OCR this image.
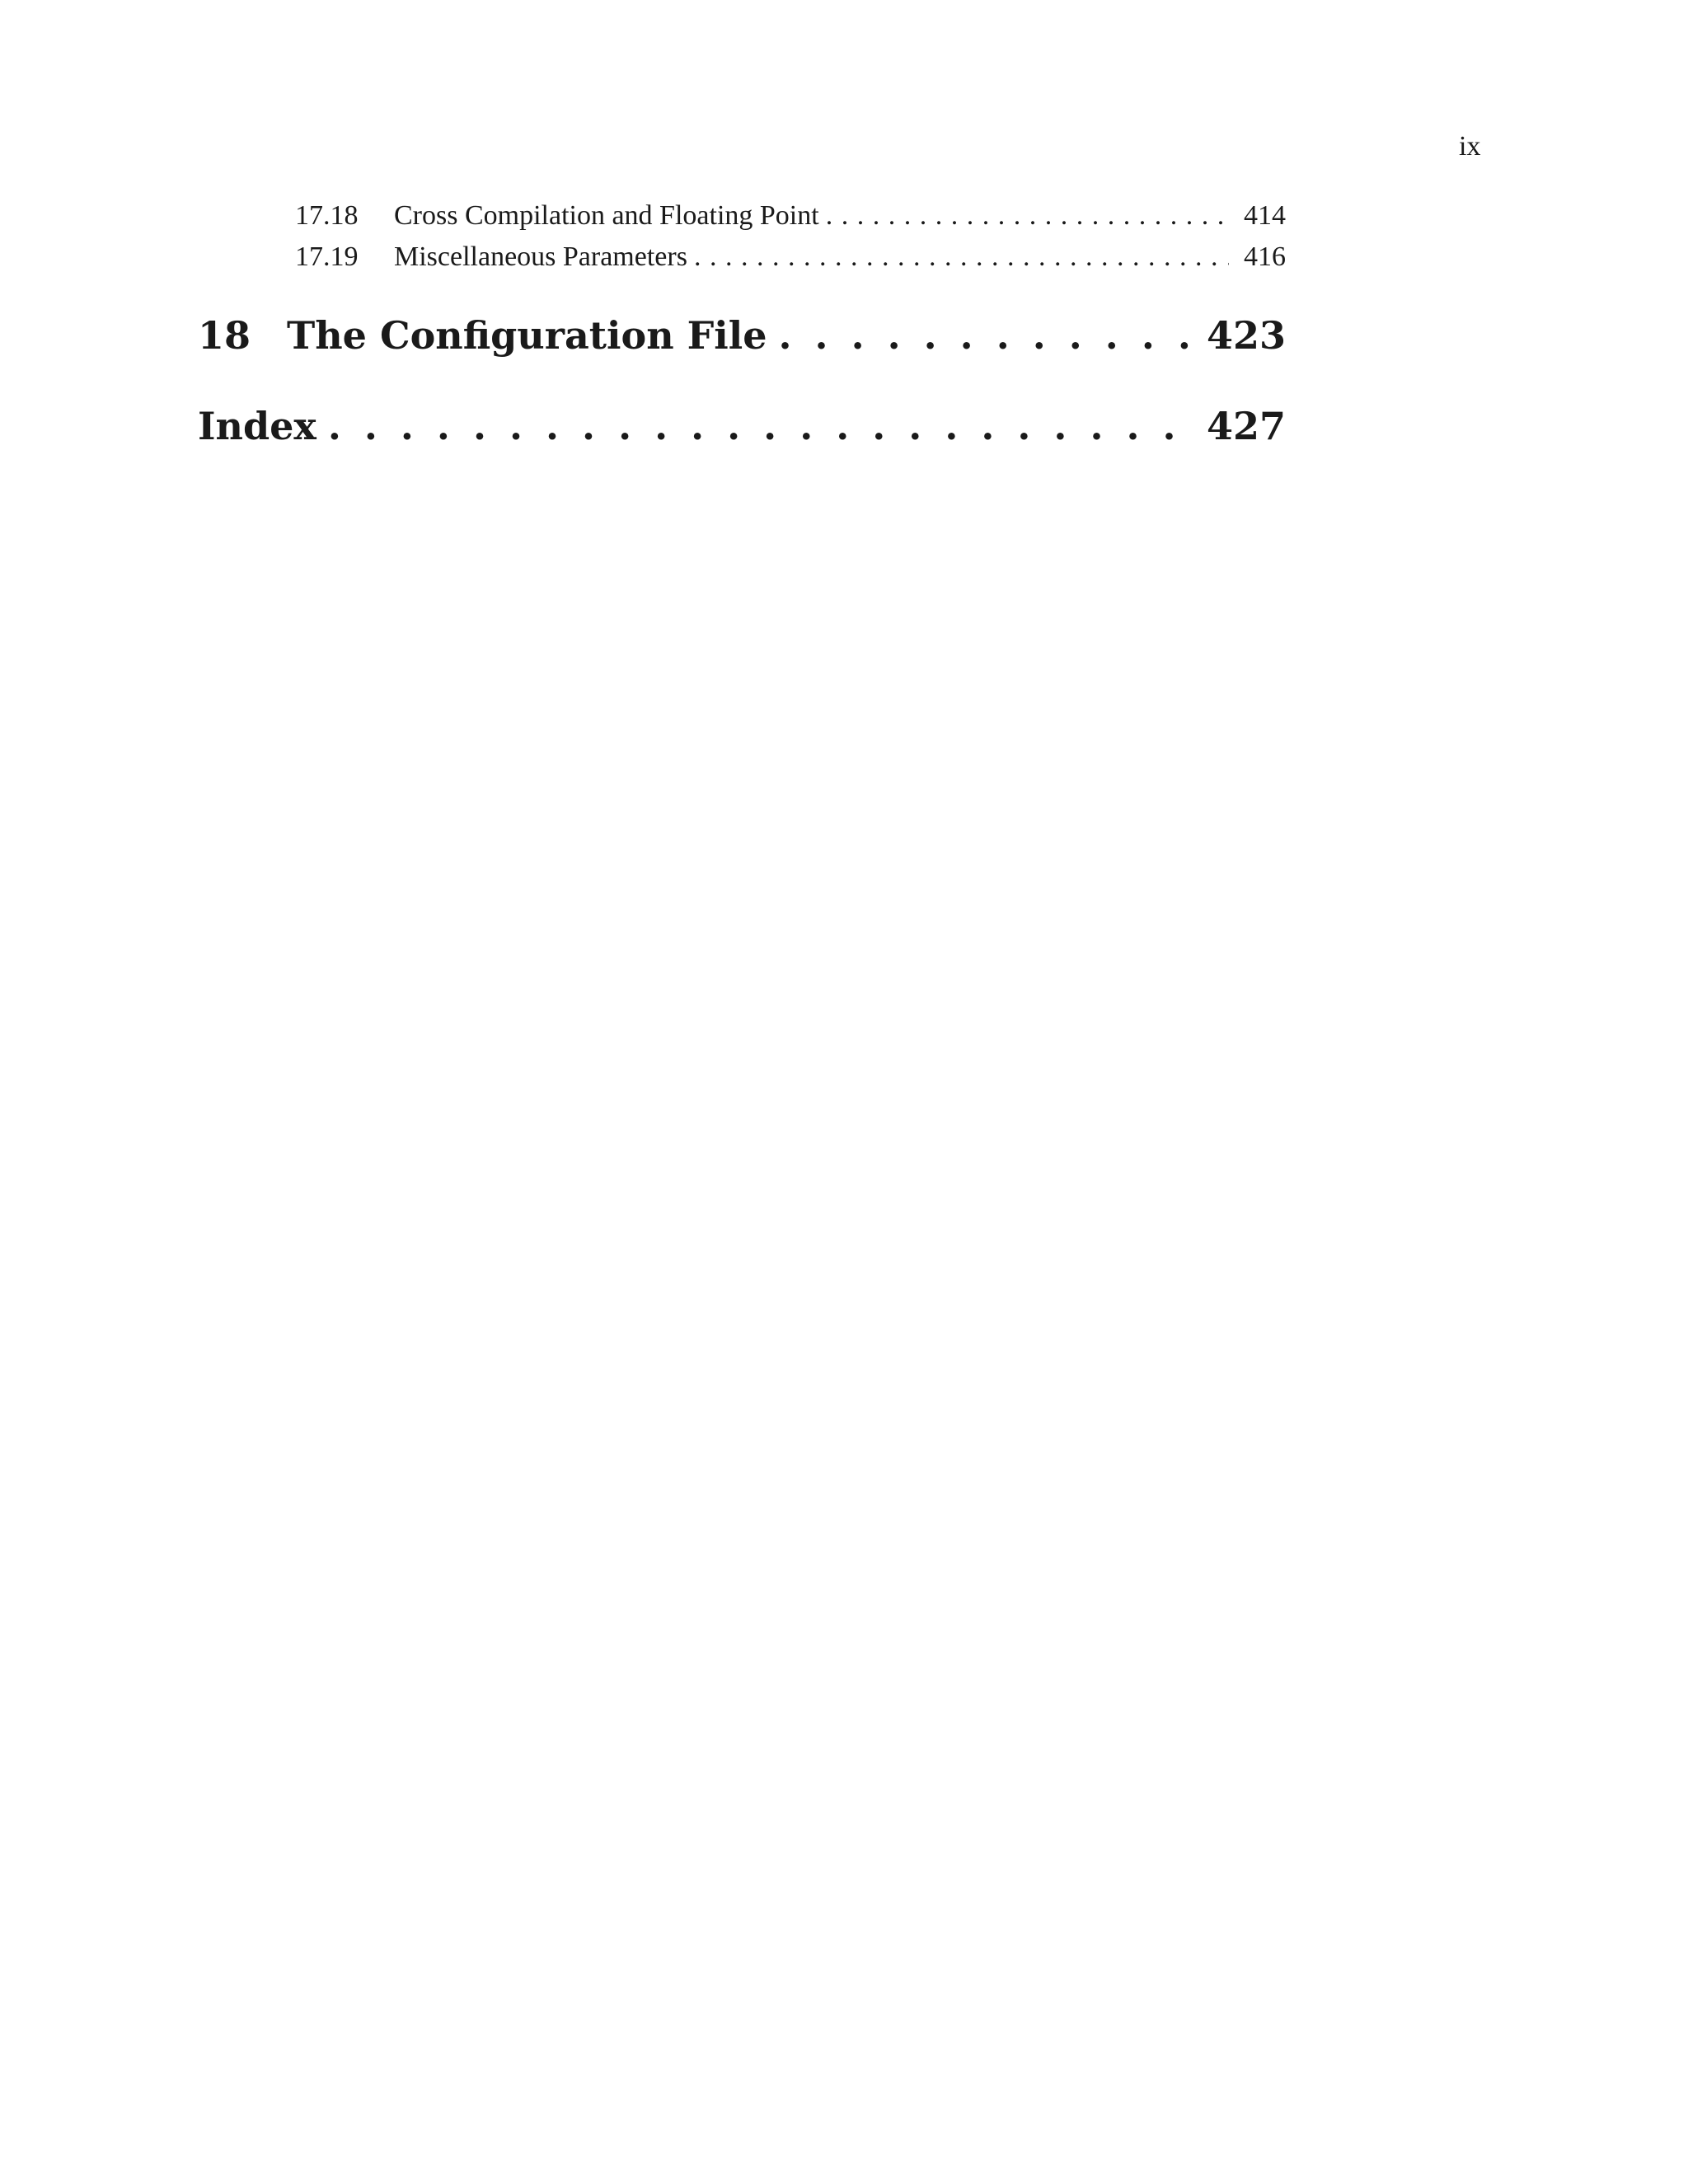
ix
17.18	Cross Compilation and Floating Point . . .	414
17.19	Miscellaneous Parameters . . .	416
18 The Configuration File . . .	423
Index . . .	427
